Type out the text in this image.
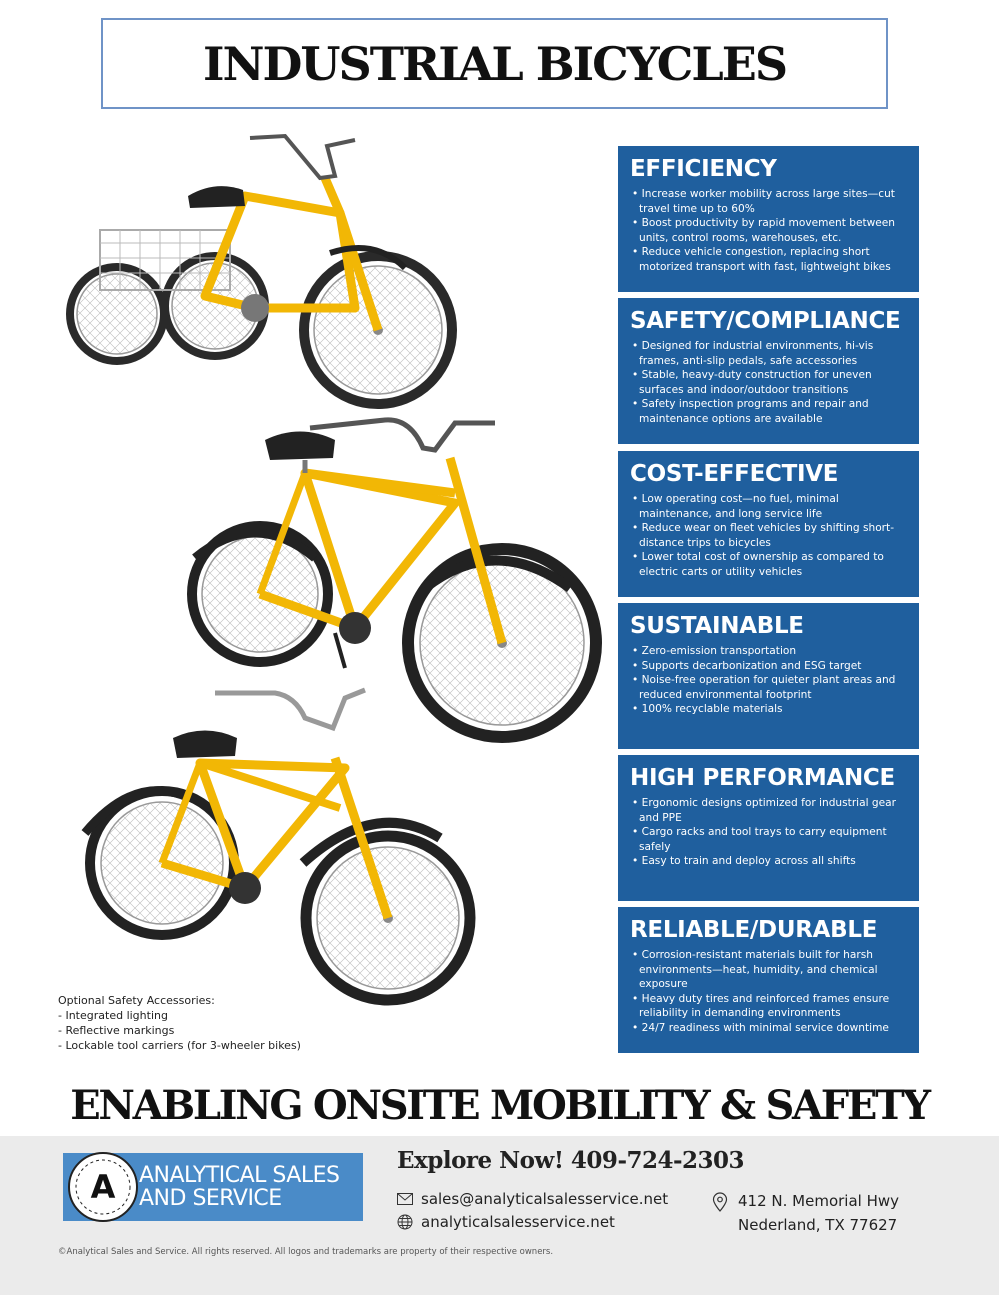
INDUSTRIAL BICYCLES
Optional Safety Accessories:
- Integrated lighting
- Reflective markings
- Lockable tool carriers (for 3-wheeler bikes)
EFFICIENCY
• Increase worker mobility across large sites—cut travel time up to 60%
• Boost productivity by rapid movement between units, control rooms, warehouses, etc.
• Reduce vehicle congestion, replacing short motorized transport with fast, lightweight bikes
SAFETY/COMPLIANCE
• Designed for industrial environments, hi-vis frames, anti-slip pedals, safe accessories
• Stable, heavy-duty construction for uneven surfaces and indoor/outdoor transitions
• Safety inspection programs and repair and maintenance options are available
COST-EFFECTIVE
• Low operating cost—no fuel, minimal maintenance, and long service life
• Reduce wear on fleet vehicles by shifting short-distance trips to bicycles
• Lower total cost of ownership as compared to electric carts or utility vehicles
SUSTAINABLE
• Zero-emission transportation
• Supports decarbonization and ESG target
• Noise-free operation for quieter plant areas and reduced environmental footprint
• 100% recyclable materials
HIGH PERFORMANCE
• Ergonomic designs optimized for industrial gear and PPE
• Cargo racks and tool trays to carry equipment safely
• Easy to train and deploy across all shifts
RELIABLE/DURABLE
• Corrosion-resistant materials built for harsh environments—heat, humidity, and chemical exposure
• Heavy duty tires and reinforced frames ensure reliability in demanding environments
• 24/7 readiness with minimal service downtime
ENABLING ONSITE MOBILITY & SAFETY
A ANALYTICAL SALES
AND SERVICE
Explore Now! 409-724-2303
sales@analyticalsalesservice.net
analyticalsalesservice.net
412 N. Memorial Hwy
Nederland, TX 77627
©Analytical Sales and Service. All rights reserved. All logos and trademarks are property of their respective owners.
